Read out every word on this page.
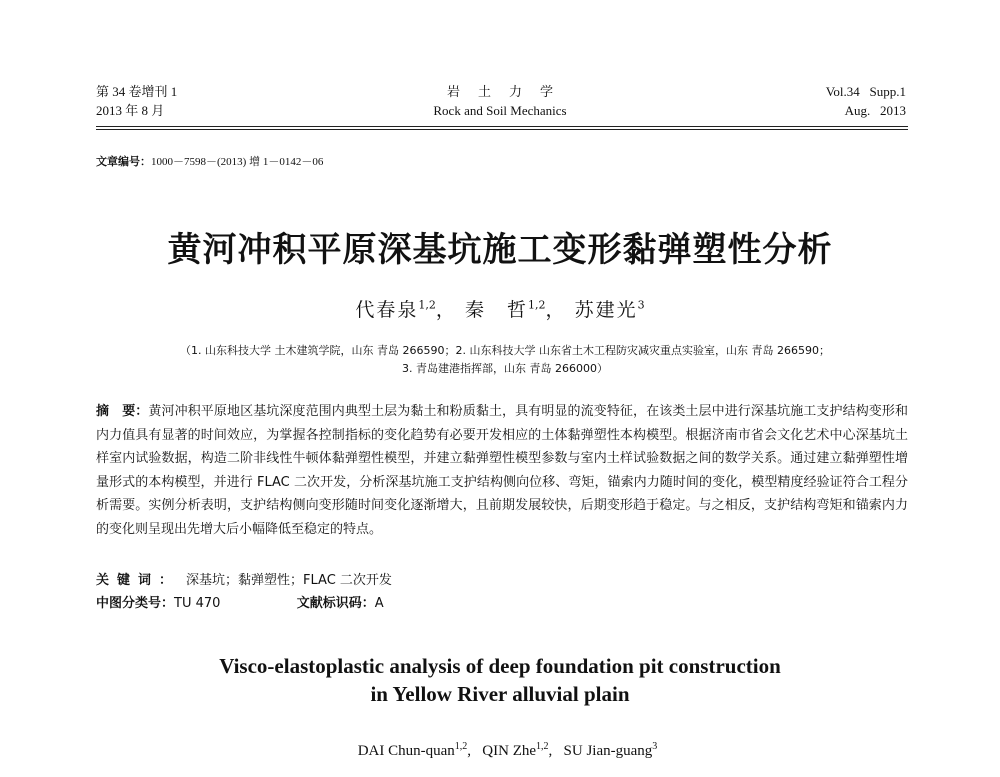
第 34 卷增刊 1
2013 年 8 月
岩土力学
Rock and Soil Mechanics
Vol.34   Supp.1
Aug.   2013
文章编号：1000－7598－(2013) 增 1－0142－06
黄河冲积平原深基坑施工变形黏弹塑性分析
代春泉$^{1,2}$， 秦　哲$^{1,2}$， 苏建光$^3$
（1. 山东科技大学 土木建筑学院，山东 青岛 266590；2. 山东科技大学 山东省土木工程防灾减灾重点实验室，山东 青岛 266590；
3. 青岛建港指挥部，山东 青岛 266000）
摘　要：黄河冲积平原地区基坑深度范围内典型土层为黏土和粉质黏土，具有明显的流变特征，在该类土层中进行深基坑施工支护结构变形和内力值具有显著的时间效应，为掌握各控制指标的变化趋势有必要开发相应的土体黏弹塑性本构模型。根据济南市省会文化艺术中心深基坑土样室内试验数据，构造二阶非线性牛顿体黏弹塑性模型，并建立黏弹塑性模型参数与室内土样试验数据之间的数学关系。通过建立黏弹塑性增量形式的本构模型，并进行 FLAC 二次开发，分析深基坑施工支护结构侧向位移、弯矩，锚索内力随时间的变化，模型精度经验证符合工程分析需要。实例分析表明，支护结构侧向变形随时间变化逐渐增大，且前期发展较快，后期变形趋于稳定。与之相反，支护结构弯矩和锚索内力的变化则呈现出先增大后小幅降低至稳定的特点。
关键词： 深基坑；黏弹塑性；FLAC 二次开发
中图分类号：TU 470	文献标识码：A
Visco-elastoplastic analysis of deep foundation pit construction
in Yellow River alluvial plain

DAI Chun-quan$^{1,2}$,   QIN Zhe$^{1,2}$,   SU Jian-guang$^3$
